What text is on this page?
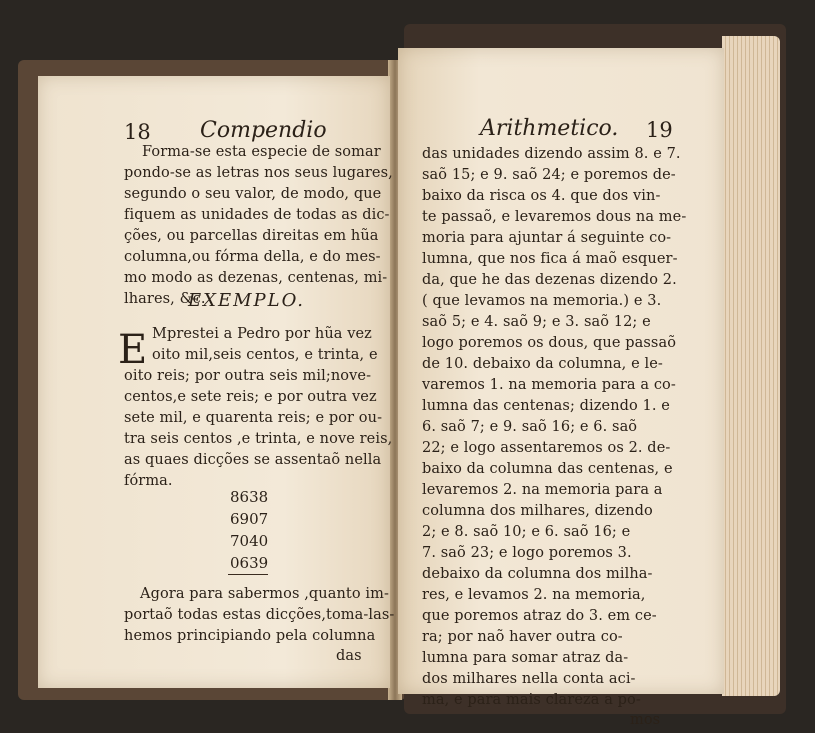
18 Compendio
Forma-se esta especie de somar
pondo-se as letras nos seus lugares,
segundo o seu valor, de modo, que
fiquem as unidades de todas as dic-
ções, ou parcellas direitas em hũa
columna,ou fórma della, e do mes-
mo modo as dezenas, centenas, mi-
lhares, &c.
EXEMPLO.
E Mprestei a Pedro por hũa vez
oito mil,seis centos, e trinta, e
oito reis; por outra seis mil;nove-
centos,e sete reis; e por outra vez
sete mil, e quarenta reis; e por ou-
tra seis centos ,e trinta, e nove reis,
as quaes dicções se assentaõ nella
fórma.
8638
6907
7040
0639
Agora para sabermos ,quanto im-
portaõ todas estas dicções,toma-las-
hemos principiando pela columna
das
Arithmetico. 19
das unidades dizendo assim 8. e 7.
saõ 15; e 9. saõ 24; e poremos de-
baixo da risca os 4. que dos vin-
te passaõ, e levaremos dous na me-
moria para ajuntar á seguinte co-
lumna, que nos fica á maõ esquer-
da, que he das dezenas dizendo 2.
( que levamos na memoria.) e 3.
saõ 5; e 4. saõ 9; e 3. saõ 12; e
logo poremos os dous, que passaõ
de 10. debaixo da columna, e le-
varemos 1. na memoria para a co-
lumna das centenas; dizendo 1. e
6. saõ 7; e 9. saõ 16; e 6. saõ
22; e logo assentaremos os 2. de-
baixo da columna das centenas, e
levaremos 2. na memoria para a
columna dos milhares, dizendo
2; e 8. saõ 10; e 6. saõ 16; e
7. saõ 23; e logo poremos 3.
debaixo da columna dos milha-
res, e levamos 2. na memoria,
que poremos atraz do 3. em ce-
ra; por naõ haver outra co-
lumna para somar atraz da-
dos milhares nella conta aci-
ma, e para mais clareza a po-
mos
